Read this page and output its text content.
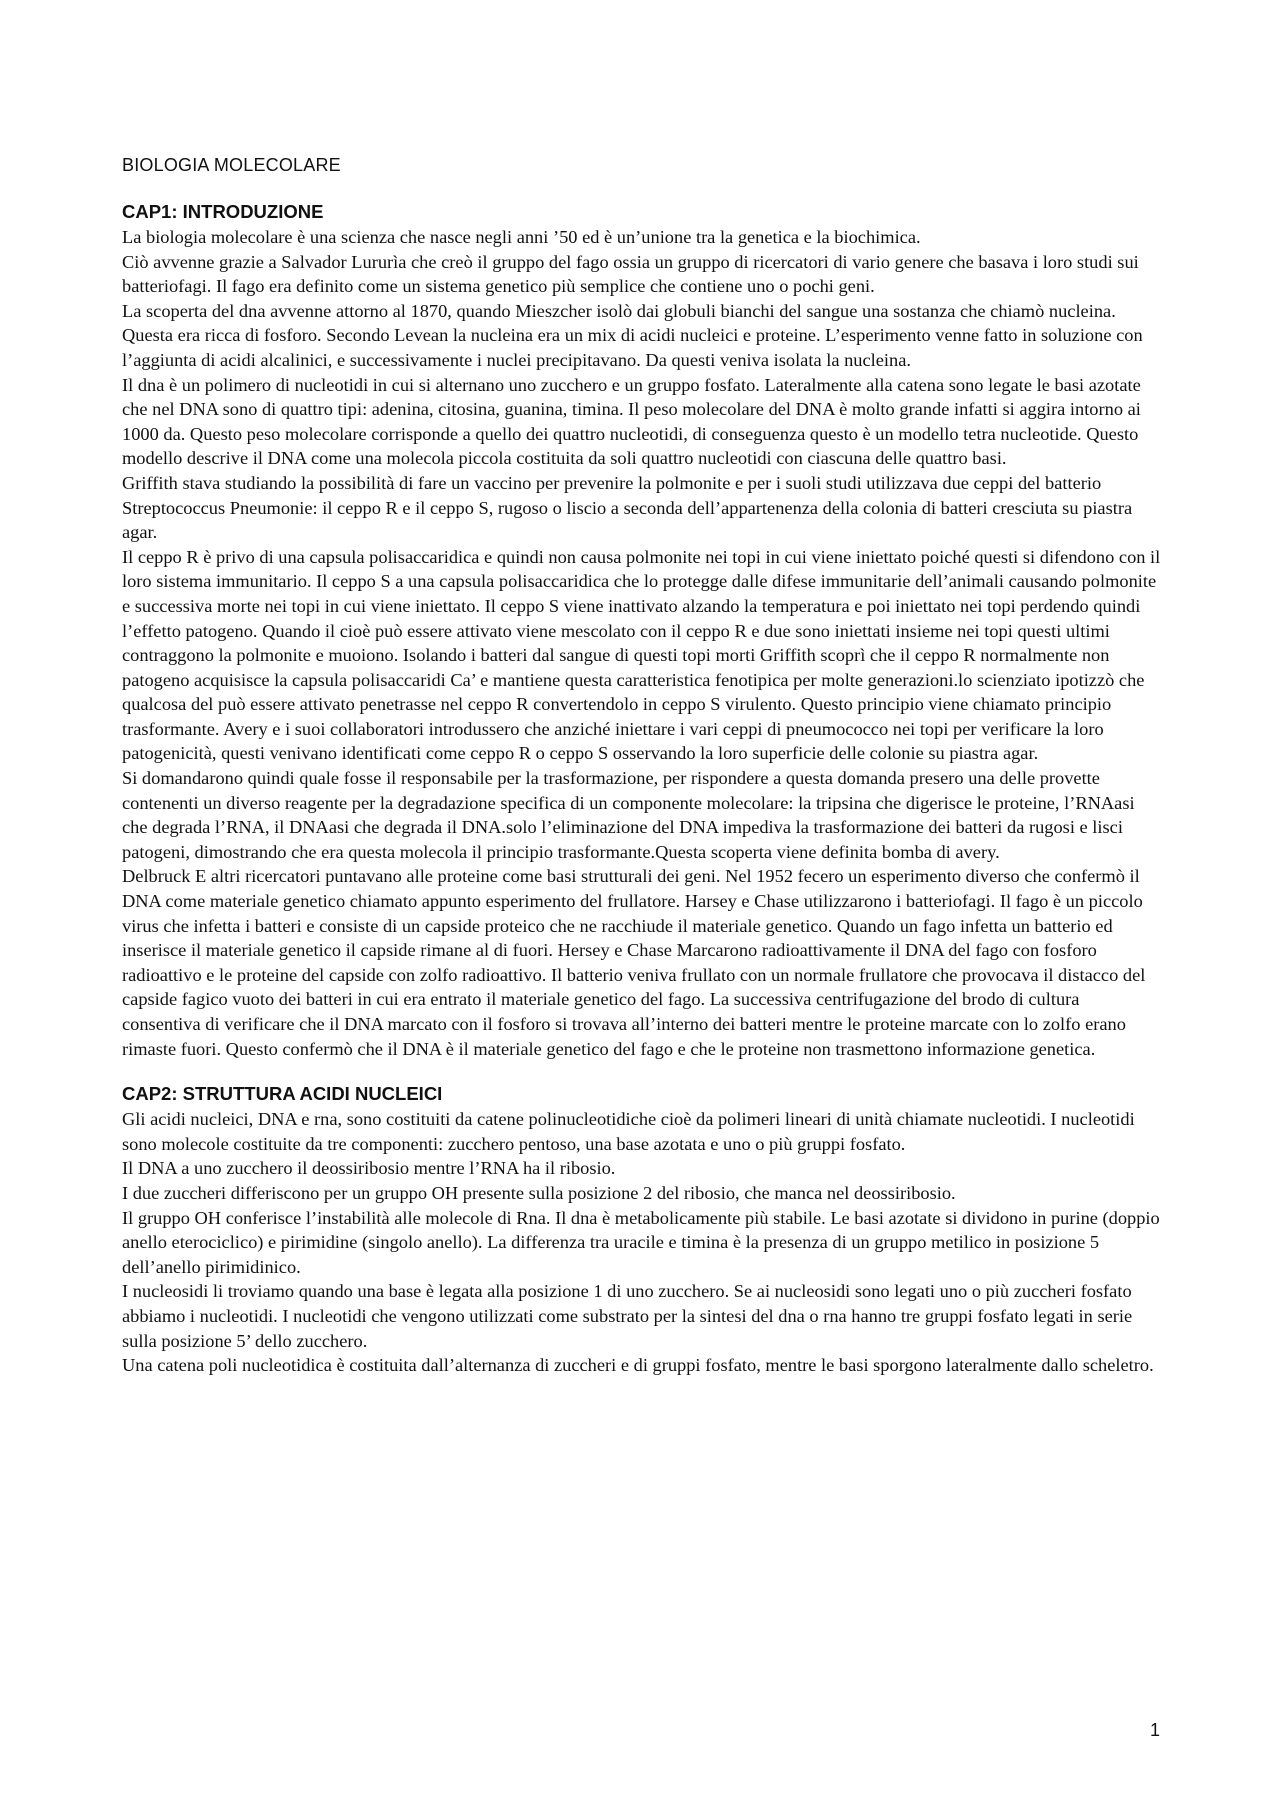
BIOLOGIA MOLECOLARE
CAP1: INTRODUZIONE

La biologia molecolare è una scienza che nasce negli anni ’50 ed è un’unione tra la genetica e la biochimica.

Ciò avvenne grazie a Salvador Lururìa che creò il gruppo del fago ossia un gruppo di ricercatori di vario genere che basava i loro studi sui batteriofagi. Il fago era definito come un sistema genetico più semplice che contiene uno o pochi geni.

La scoperta del dna avvenne attorno al 1870, quando Mieszcher isolò dai globuli bianchi del sangue una sostanza che chiamò nucleina. Questa era ricca di fosforo. Secondo Levean la nucleina era un mix di acidi nucleici e proteine. L’esperimento venne fatto in soluzione con l’aggiunta di acidi alcalinici, e successivamente i nuclei precipitavano. Da questi veniva isolata la nucleina.

Il dna è un polimero di nucleotidi in cui si alternano uno zucchero e un gruppo fosfato. Lateralmente alla catena sono legate le basi azotate che nel DNA sono di quattro tipi: adenina, citosina, guanina, timina. Il peso molecolare del DNA è molto grande infatti si aggira intorno ai 1000 da. Questo peso molecolare corrisponde a quello dei quattro nucleotidi, di conseguenza questo è un modello tetra nucleotide. Questo modello descrive il DNA come una molecola piccola costituita da soli quattro nucleotidi con ciascuna delle quattro basi.

Griffith stava studiando la possibilità di fare un vaccino per prevenire la polmonite e per i suoli studi utilizzava due ceppi del batterio Streptococcus Pneumonie: il ceppo R e il ceppo S, rugoso o liscio a seconda dell’appartenenza della colonia di batteri cresciuta su piastra agar.

Il ceppo R è privo di una capsula polisaccaridica e quindi non causa polmonite nei topi in cui viene iniettato poiché questi si difendono con il loro sistema immunitario. Il ceppo S a una capsula polisaccaridica che lo protegge dalle difese immunitarie dell’animali causando polmonite e successiva morte nei topi in cui viene iniettato. Il ceppo S viene inattivato alzando la temperatura e poi iniettato nei topi perdendo quindi l’effetto patogeno. Quando il cioè può essere attivato viene mescolato con il ceppo R e due sono iniettati insieme nei topi questi ultimi contraggono la polmonite e muoiono. Isolando i batteri dal sangue di questi topi morti Griffith scoprì che il ceppo R normalmente non patogeno acquisisce la capsula polisaccaridi Ca’ e mantiene questa caratteristica fenotipica per molte generazioni.lo scienziato ipotizzò che qualcosa del può essere attivato penetrasse nel ceppo R convertendolo in ceppo S virulento. Questo principio viene chiamato principio trasformante. Avery e i suoi collaboratori introdussero che anziché iniettare i vari ceppi di pneumococco nei topi per verificare la loro patogenicità, questi venivano identificati come ceppo R o ceppo S osservando la loro superficie delle colonie su piastra agar.

Si domandarono quindi quale fosse il responsabile per la trasformazione, per rispondere a questa domanda presero una delle provette contenenti un diverso reagente per la degradazione specifica di un componente molecolare: la tripsina che digerisce le proteine, l’RNAasi che degrada l’RNA, il DNAasi che degrada il DNA.solo l’eliminazione del DNA impediva la trasformazione dei batteri da rugosi e lisci patogeni, dimostrando che era questa molecola il principio trasformante.Questa scoperta viene definita bomba di avery.

Delbruck E altri ricercatori puntavano alle proteine come basi strutturali dei geni. Nel 1952 fecero un esperimento diverso che confermò il DNA come materiale genetico chiamato appunto esperimento del frullatore. Harsey e Chase utilizzarono i batteriofagi. Il fago è un piccolo virus che infetta i batteri e consiste di un capside proteico che ne racchiude il materiale genetico. Quando un fago infetta un batterio ed inserisce il materiale genetico il capside rimane al di fuori. Hersey e Chase Marcarono radioattivamente il DNA del fago con fosforo radioattivo e le proteine del capside con zolfo radioattivo. Il batterio veniva frullato con un normale frullatore che provocava il distacco del capside fagico vuoto dei batteri in cui era entrato il materiale genetico del fago. La successiva centrifugazione del brodo di cultura consentiva di verificare che il DNA marcato con il fosforo si trovava all’interno dei batteri mentre le proteine marcate con lo zolfo erano rimaste fuori. Questo confermò che il DNA è il materiale genetico del fago e che le proteine non trasmettono informazione genetica.

CAP2: STRUTTURA ACIDI NUCLEICI

Gli acidi nucleici, DNA e rna, sono costituiti da catene polinucleotidiche cioè da polimeri lineari di unità chiamate nucleotidi. I nucleotidi sono molecole costituite da tre componenti: zucchero pentoso, una base azotata e uno o più gruppi fosfato.

Il DNA a uno zucchero il deossiribosio mentre l’RNA ha il ribosio.

I due zuccheri differiscono per un gruppo OH presente sulla posizione 2 del ribosio, che manca nel deossiribosio.

Il gruppo OH conferisce l’instabilità alle molecole di Rna. Il dna è metabolicamente più stabile. Le basi azotate si dividono in purine (doppio anello eterociclico) e pirimidine (singolo anello). La differenza tra uracile e timina è la presenza di un gruppo metilico in posizione 5 dell’anello pirimidinico.

I nucleosidi li troviamo quando una base è legata alla posizione 1 di uno zucchero. Se ai nucleosidi sono legati uno o più zuccheri fosfato abbiamo i nucleotidi. I nucleotidi che vengono utilizzati come substrato per la sintesi del dna o rna hanno tre gruppi fosfato legati in serie sulla posizione 5’ dello zucchero.

Una catena poli nucleotidica è costituita dall’alternanza di zuccheri e di gruppi fosfato, mentre le basi sporgono lateralmente dallo scheletro.

1
